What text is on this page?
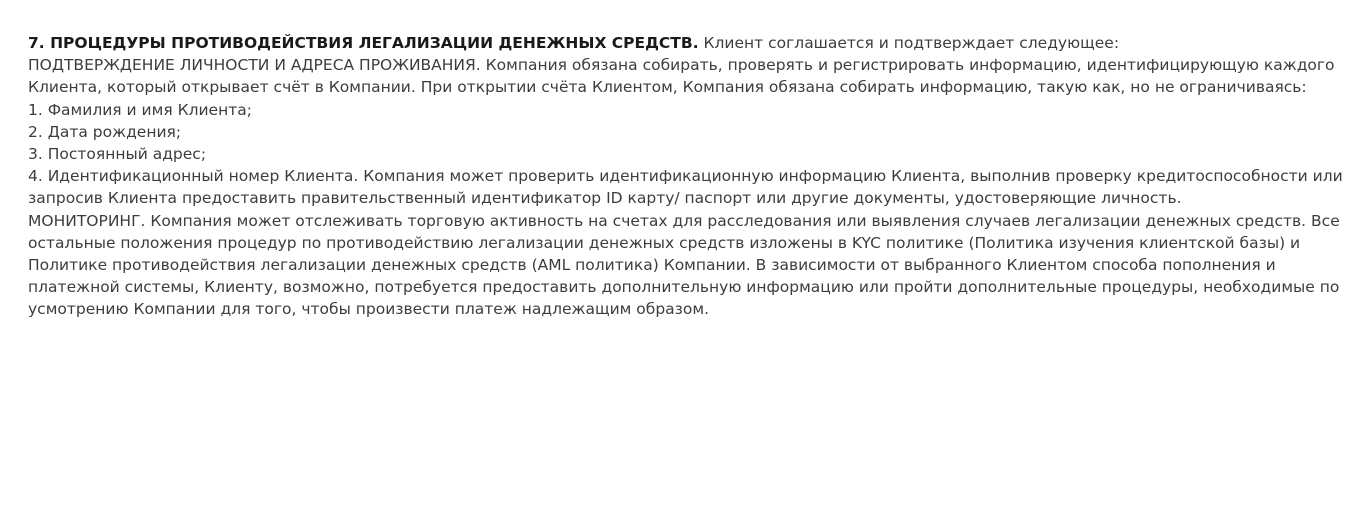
7. ПРОЦЕДУРЫ ПРОТИВОДЕЙСТВИЯ ЛЕГАЛИЗАЦИИ ДЕНЕЖНЫХ СРЕДСТВ. Клиент соглашается и подтверждает следующее:

ПОДТВЕРЖДЕНИЕ ЛИЧНОСТИ И АДРЕСА ПРОЖИВАНИЯ. Компания обязана собирать, проверять и регистрировать информацию, идентифицирующую каждого Клиента, который открывает счёт в Компании. При открытии счёта Клиентом, Компания обязана собирать информацию, такую как, но не ограничиваясь:

1. Фамилия и имя Клиента;

2. Дата рождения;

3. Постоянный адрес;

4. Идентификационный номер Клиента. Компания может проверить идентификационную информацию Клиента, выполнив проверку кредитоспособности или запросив Клиента предоставить правительственный идентификатор ID карту/ паспорт или другие документы, удостоверяющие личность.

МОНИТОРИНГ. Компания может отслеживать торговую активность на счетах для расследования или выявления случаев легализации денежных средств. Все остальные положения процедур по противодействию легализации денежных средств изложены в KYC политике (Политика изучения клиентской базы) и Политике противодействия легализации денежных средств (AML политика) Компании. В зависимости от выбранного Клиентом способа пополнения и платежной системы, Клиенту, возможно, потребуется предоставить дополнительную информацию или пройти дополнительные процедуры, необходимые по усмотрению Компании для того, чтобы произвести платеж надлежащим образом.
